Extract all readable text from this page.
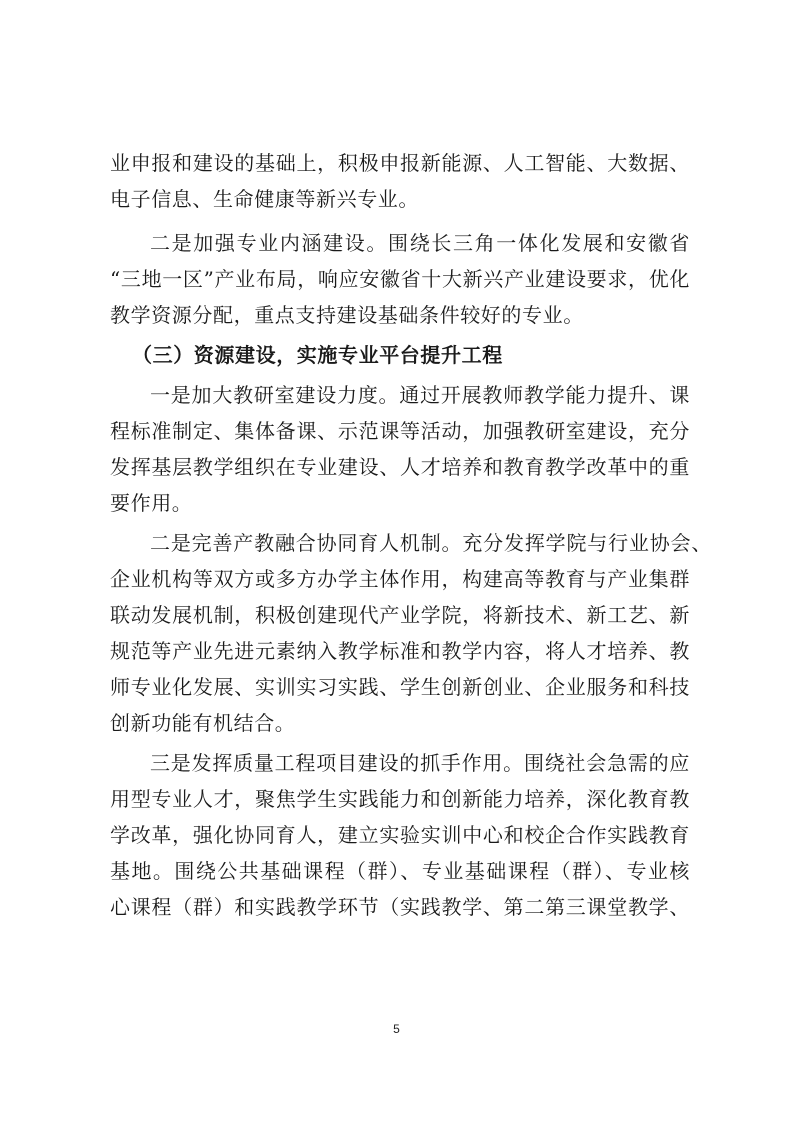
业申报和建设的基础上，积极申报新能源、人工智能、大数据、
电子信息、生命健康等新兴专业。
二是加强专业内涵建设。围绕长三角一体化发展和安徽省
“三地一区”产业布局，响应安徽省十大新兴产业建设要求，优化
教学资源分配，重点支持建设基础条件较好的专业。
（三）资源建设，实施专业平台提升工程
一是加大教研室建设力度。通过开展教师教学能力提升、课
程标准制定、集体备课、示范课等活动，加强教研室建设，充分
发挥基层教学组织在专业建设、人才培养和教育教学改革中的重
要作用。
二是完善产教融合协同育人机制。充分发挥学院与行业协会、
企业机构等双方或多方办学主体作用，构建高等教育与产业集群
联动发展机制，积极创建现代产业学院，将新技术、新工艺、新
规范等产业先进元素纳入教学标准和教学内容，将人才培养、教
师专业化发展、实训实习实践、学生创新创业、企业服务和科技
创新功能有机结合。
三是发挥质量工程项目建设的抓手作用。围绕社会急需的应
用型专业人才，聚焦学生实践能力和创新能力培养，深化教育教
学改革，强化协同育人，建立实验实训中心和校企合作实践教育
基地。围绕公共基础课程（群）、专业基础课程（群）、专业核
心课程（群）和实践教学环节（实践教学、第二第三课堂教学、
5
